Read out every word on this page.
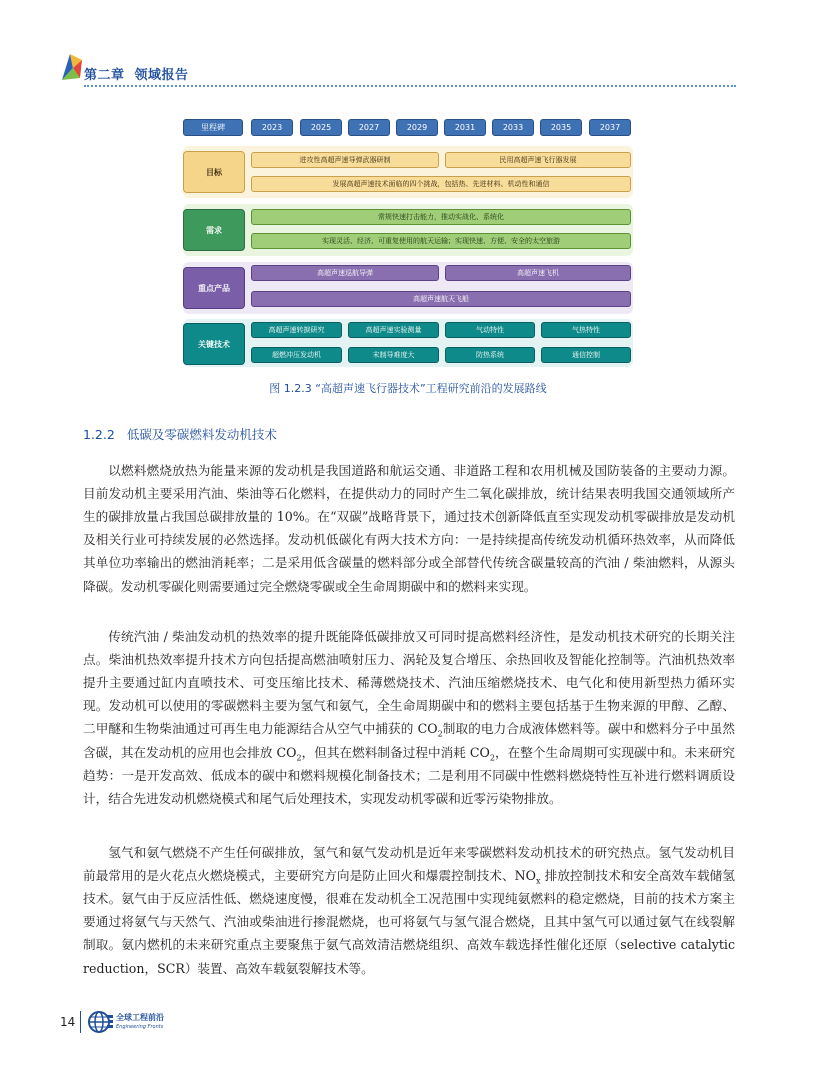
第二章 领域报告
里程碑	2023	2025	2027	2029	2031	2033	2035	2037
目标
进攻性高超声速导弹武器研制	民用高超声速飞行器发展
发展高超声速技术面临的四个挑战，包括热、先进材料、机动性和通信
需求
常规快速打击能力，推动实战化、系统化
实现灵活、经济、可重复使用的航天运输；实现快速、方便、安全的太空旅游
重点产品
高超声速巡航导弹	高超声速飞机
高超声速航天飞船
关键技术
高超声速转捩研究	高超声速实验测量	气动特性	气热特性
超燃冲压发动机	末制导难度大	防热系统	通信控制
图 1.2.3 “高超声速飞行器技术”工程研究前沿的发展路线
1.2.2 低碳及零碳燃料发动机技术

以燃料燃烧放热为能量来源的发动机是我国道路和航运交通、非道路工程和农用机械及国防装备的主要动力源。目前发动机主要采用汽油、柴油等石化燃料，在提供动力的同时产生二氧化碳排放，统计结果表明我国交通领域所产生的碳排放量占我国总碳排放量的 10%。在“双碳”战略背景下，通过技术创新降低直至实现发动机零碳排放是发动机及相关行业可持续发展的必然选择。发动机低碳化有两大技术方向：一是持续提高传统发动机循环热效率，从而降低其单位功率输出的燃油消耗率；二是采用低含碳量的燃料部分或全部替代传统含碳量较高的汽油 / 柴油燃料，从源头降碳。发动机零碳化则需要通过完全燃烧零碳或全生命周期碳中和的燃料来实现。

传统汽油 / 柴油发动机的热效率的提升既能降低碳排放又可同时提高燃料经济性，是发动机技术研究的长期关注点。柴油机热效率提升技术方向包括提高燃油喷射压力、涡轮及复合增压、余热回收及智能化控制等。汽油机热效率提升主要通过缸内直喷技术、可变压缩比技术、稀薄燃烧技术、汽油压缩燃烧技术、电气化和使用新型热力循环实现。发动机可以使用的零碳燃料主要为氢气和氨气，全生命周期碳中和的燃料主要包括基于生物来源的甲醇、乙醇、二甲醚和生物柴油通过可再生电力能源结合从空气中捕获的 $CO_2$制取的电力合成液体燃料等。碳中和燃料分子中虽然含碳，其在发动机的应用也会排放 $CO_2$，但其在燃料制备过程中消耗 $CO_2$，在整个生命周期可实现碳中和。未来研究趋势：一是开发高效、低成本的碳中和燃料规模化制备技术；二是利用不同碳中性燃料燃烧特性互补进行燃料调质设计，结合先进发动机燃烧模式和尾气后处理技术，实现发动机零碳和近零污染物排放。

氢气和氨气燃烧不产生任何碳排放，氢气和氨气发动机是近年来零碳燃料发动机技术的研究热点。氢气发动机目前最常用的是火花点火燃烧模式，主要研究方向是防止回火和爆震控制技术、$NO_x$ 排放控制技术和安全高效车载储氢技术。氨气由于反应活性低、燃烧速度慢，很难在发动机全工况范围中实现纯氨燃料的稳定燃烧，目前的技术方案主要通过将氨气与天然气、汽油或柴油进行掺混燃烧，也可将氨气与氢气混合燃烧，且其中氢气可以通过氨气在线裂解制取。氨内燃机的未来研究重点主要聚焦于氨气高效清洁燃烧组织、高效车载选择性催化还原（selective catalytic reduction，SCR）装置、高效车载氨裂解技术等。

14	全球工程前沿
Engineering Fronts
